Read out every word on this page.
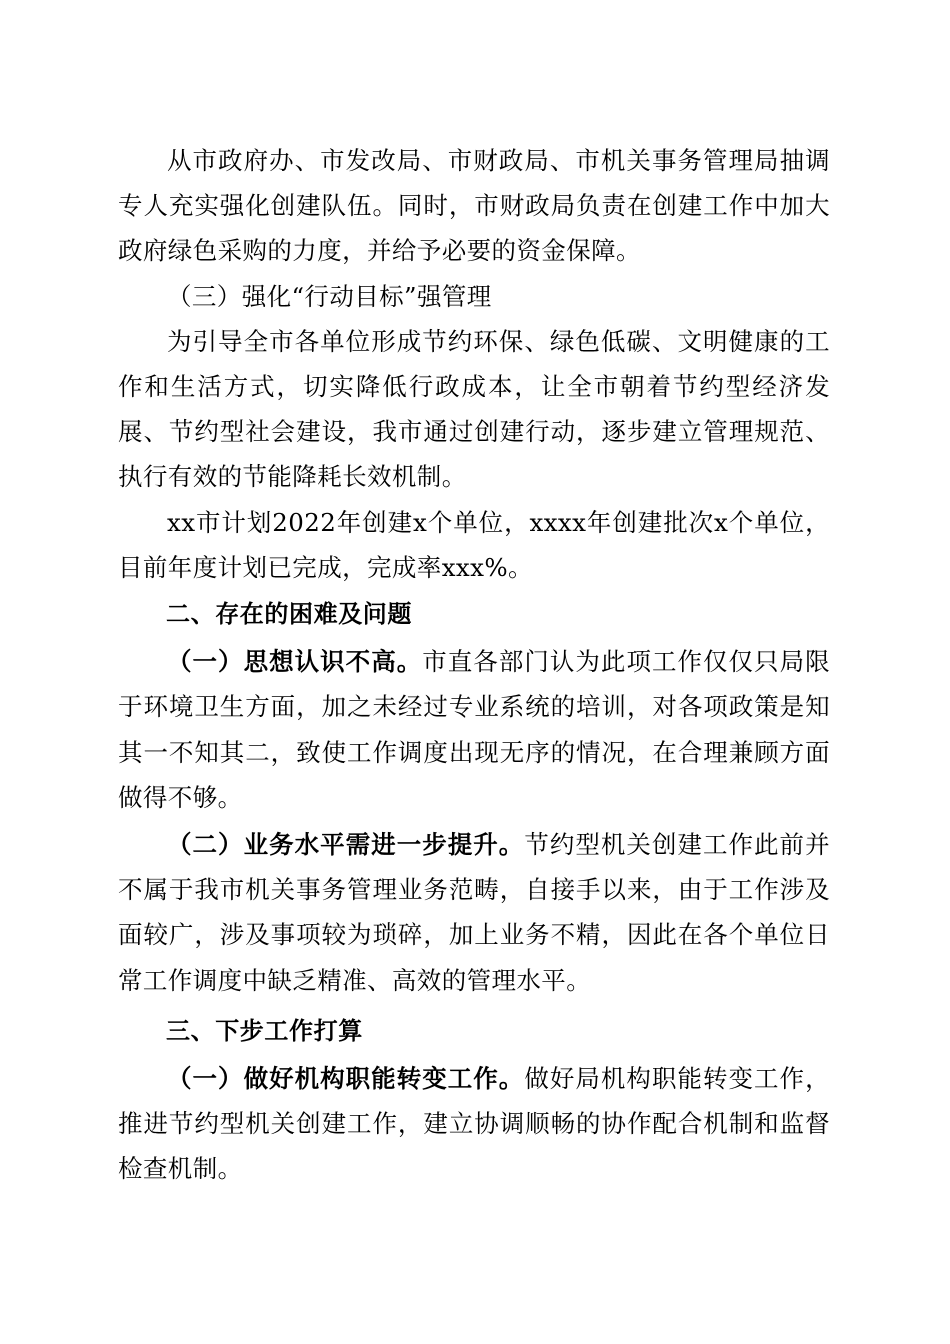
从市政府办、市发改局、市财政局、市机关事务管理局抽调专人充实强化创建队伍。同时，市财政局负责在创建工作中加大政府绿色采购的力度，并给予必要的资金保障。

（三）强化“行动目标”强管理

为引导全市各单位形成节约环保、绿色低碳、文明健康的工作和生活方式，切实降低行政成本，让全市朝着节约型经济发展、节约型社会建设，我市通过创建行动，逐步建立管理规范、执行有效的节能降耗长效机制。

xx市计划2022年创建x个单位，xxxx年创建批次x个单位，目前年度计划已完成，完成率xxx%。

二、存在的困难及问题

（一）思想认识不高。市直各部门认为此项工作仅仅只局限于环境卫生方面，加之未经过专业系统的培训，对各项政策是知其一不知其二，致使工作调度出现无序的情况，在合理兼顾方面做得不够。

（二）业务水平需进一步提升。节约型机关创建工作此前并不属于我市机关事务管理业务范畴，自接手以来，由于工作涉及面较广，涉及事项较为琐碎，加上业务不精，因此在各个单位日常工作调度中缺乏精准、高效的管理水平。

三、下步工作打算

（一）做好机构职能转变工作。做好局机构职能转变工作，推进节约型机关创建工作，建立协调顺畅的协作配合机制和监督检查机制。
